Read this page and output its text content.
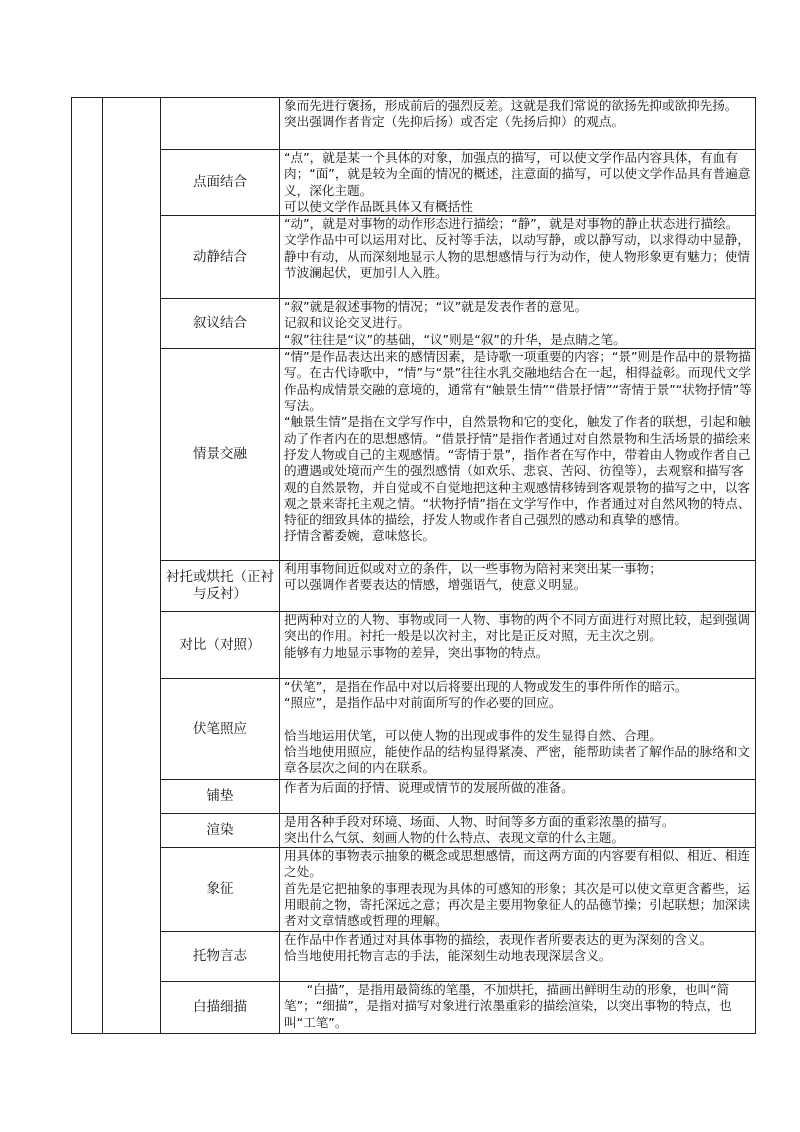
			象而先进行褒扬，形成前后的强烈反差。这就是我们常说的欲扬先抑或欲抑先扬。
突出强调作者肯定（先抑后扬）或否定（先扬后抑）的观点。

		点面结合	“点”，就是某一个具体的对象，加强点的描写，可以使文学作品内容具体，有血有肉；“面”，就是较为全面的情况的概述，注意面的描写，可以使文学作品具有普遍意义，深化主题。
可以使文学作品既具体又有概括性

		动静结合	“动”，就是对事物的动作形态进行描绘；“静”，就是对事物的静止状态进行描绘。
文学作品中可以运用对比、反衬等手法，以动写静，或以静写动，以求得动中显静，静中有动，从而深刻地显示人物的思想感情与行为动作，使人物形象更有魅力；使情节波澜起伏，更加引人入胜。

		叙议结合	“叙”就是叙述事物的情况；“议”就是发表作者的意见。
记叙和议论交叉进行。
“叙”往往是“议”的基础，“议”则是“叙”的升华，是点睛之笔。

		情景交融	“情”是作品表达出来的感情因素，是诗歌一项重要的内容；“景”则是作品中的景物描写。在古代诗歌中，“情”与“景”往往水乳交融地结合在一起，相得益彰。而现代文学作品构成情景交融的意境的，通常有“触景生情”“借景抒情”“寄情于景”“状物抒情”等写法。
“触景生情”是指在文学写作中，自然景物和它的变化，触发了作者的联想，引起和触动了作者内在的思想感情。“借景抒情”是指作者通过对自然景物和生活场景的描绘来抒发人物或自己的主观感情。“寄情于景”，指作者在写作中，带着由人物或作者自己的遭遇或处境而产生的强烈感情（如欢乐、悲哀、苦闷、彷徨等），去观察和描写客观的自然景物，并自觉或不自觉地把这种主观感情移铸到客观景物的描写之中，以客观之景来寄托主观之情。“状物抒情”指在文学写作中，作者通过对自然风物的特点、特征的细致具体的描绘，抒发人物或作者自己强烈的感动和真挚的感情。
抒情含蓄委婉，意味悠长。

		衬托或烘托（正衬与反衬）	利用事物间近似或对立的条件，以一些事物为陪衬来突出某一事物；
可以强调作者要表达的情感，增强语气，使意义明显。

		对比（对照）	把两种对立的人物、事物或同一人物、事物的两个不同方面进行对照比较，起到强调突出的作用。衬托一般是以次衬主，对比是正反对照，无主次之别。
能够有力地显示事物的差异，突出事物的特点。

		伏笔照应	“伏笔”，是指在作品中对以后将要出现的人物或发生的事件所作的暗示。
“照应”，是指作品中对前面所写的作必要的回应。
恰当地运用伏笔，可以使人物的出现或事件的发生显得自然、合理。
恰当地使用照应，能使作品的结构显得紧凑、严密，能帮助读者了解作品的脉络和文章各层次之间的内在联系。

		铺垫	作者为后面的抒情、说理或情节的发展所做的准备。

		渲染	是用各种手段对环境、场面、人物、时间等多方面的重彩浓墨的描写。
突出什么气氛、刻画人物的什么特点、表现文章的什么主题。

		象征	用具体的事物表示抽象的概念或思想感情，而这两方面的内容要有相似、相近、相连之处。
首先是它把抽象的事理表现为具体的可感知的形象；其次是可以使文章更含蓄些，运用眼前之物，寄托深远之意；再次是主要用物象征人的品德节操；引起联想；加深读者对文章情感或哲理的理解。

		托物言志	在作品中作者通过对具体事物的描绘，表现作者所要表达的更为深刻的含义。
恰当地使用托物言志的手法，能深刻生动地表现深层含义。

		白描细描	“白描”，是指用最简练的笔墨，不加烘托，描画出鲜明生动的形象，也叫“简笔”；“细描”，是指对描写对象进行浓墨重彩的描绘渲染，以突出事物的特点，也叫“工笔”。
